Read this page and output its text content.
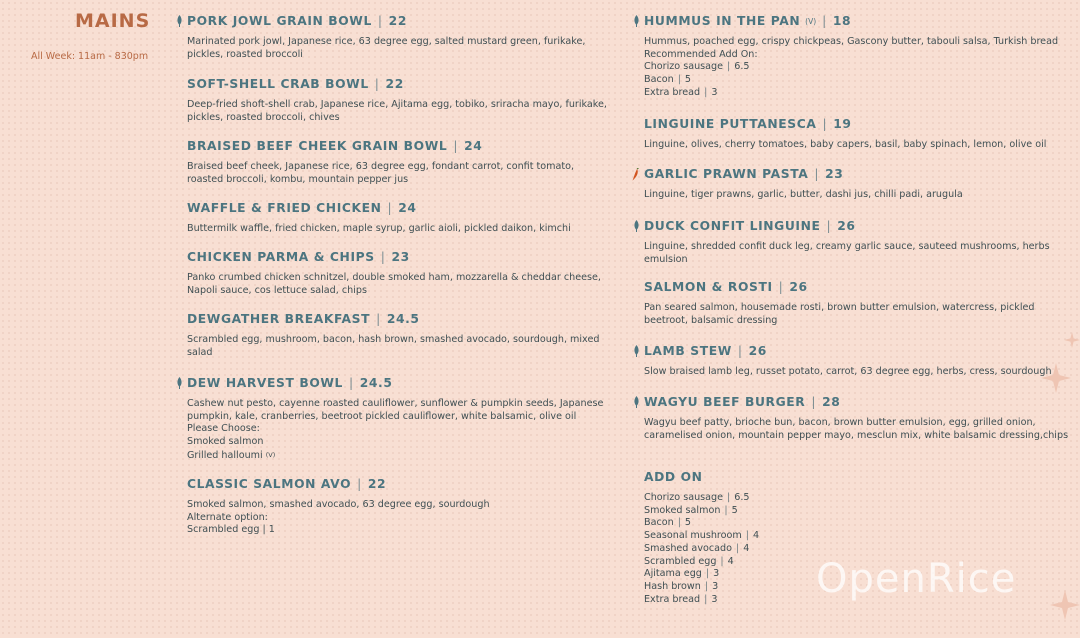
MAINS
All Week: 11am - 830pm
PORK JOWL GRAIN BOWL | 22
Marinated pork jowl, Japanese rice, 63 degree egg, salted mustard green, furikake, pickles, roasted broccoli
SOFT-SHELL CRAB BOWL | 22
Deep-fried shoft-shell crab, Japanese rice, Ajitama egg, tobiko, sriracha mayo, furikake, pickles, roasted broccoli, chives
BRAISED BEEF CHEEK GRAIN BOWL | 24
Braised beef cheek, Japanese rice, 63 degree egg, fondant carrot, confit tomato, roasted broccoli, kombu, mountain pepper jus
WAFFLE & FRIED CHICKEN | 24
Buttermilk waffle, fried chicken, maple syrup, garlic aioli, pickled daikon, kimchi
CHICKEN PARMA & CHIPS | 23
Panko crumbed chicken schnitzel, double smoked ham, mozzarella & cheddar cheese, Napoli sauce, cos lettuce salad, chips
DEWGATHER BREAKFAST | 24.5
Scrambled egg, mushroom, bacon, hash brown, smashed avocado, sourdough, mixed salad
DEW HARVEST BOWL | 24.5
Cashew nut pesto, cayenne roasted cauliflower, sunflower & pumpkin seeds, Japanese pumpkin, kale, cranberries, beetroot pickled cauliflower, white balsamic, olive oil
Please Choose:
Smoked salmon
Grilled halloumi (V)
CLASSIC SALMON AVO | 22
Smoked salmon, smashed avocado, 63 degree egg, sourdough
Alternate option:
Scrambled egg | 1
HUMMUS IN THE PAN (V) | 18
Hummus, poached egg, crispy chickpeas, Gascony butter, tabouli salsa, Turkish bread
Recommended Add On:
Chorizo sausage | 6.5
Bacon | 5
Extra bread | 3
LINGUINE PUTTANESCA | 19
Linguine, olives, cherry tomatoes, baby capers, basil, baby spinach, lemon, olive oil
GARLIC PRAWN PASTA | 23
Linguine, tiger prawns, garlic, butter, dashi jus, chilli padi, arugula
DUCK CONFIT LINGUINE | 26
Linguine, shredded confit duck leg, creamy garlic sauce, sauteed mushrooms, herbs emulsion
SALMON & ROSTI | 26
Pan seared salmon, housemade rosti, brown butter emulsion, watercress, pickled beetroot, balsamic dressing
LAMB STEW | 26
Slow braised lamb leg, russet potato, carrot, 63 degree egg, herbs, cress, sourdough
WAGYU BEEF BURGER | 28
Wagyu beef patty, brioche bun, bacon, brown butter emulsion, egg, grilled onion, caramelised onion, mountain pepper mayo, mesclun mix, white balsamic dressing,chips
ADD ON
Chorizo sausage | 6.5
Smoked salmon | 5
Bacon | 5
Seasonal mushroom | 4
Smashed avocado | 4
Scrambled egg | 4
Ajitama egg | 3
Hash brown | 3
Extra bread | 3	OpenRice
